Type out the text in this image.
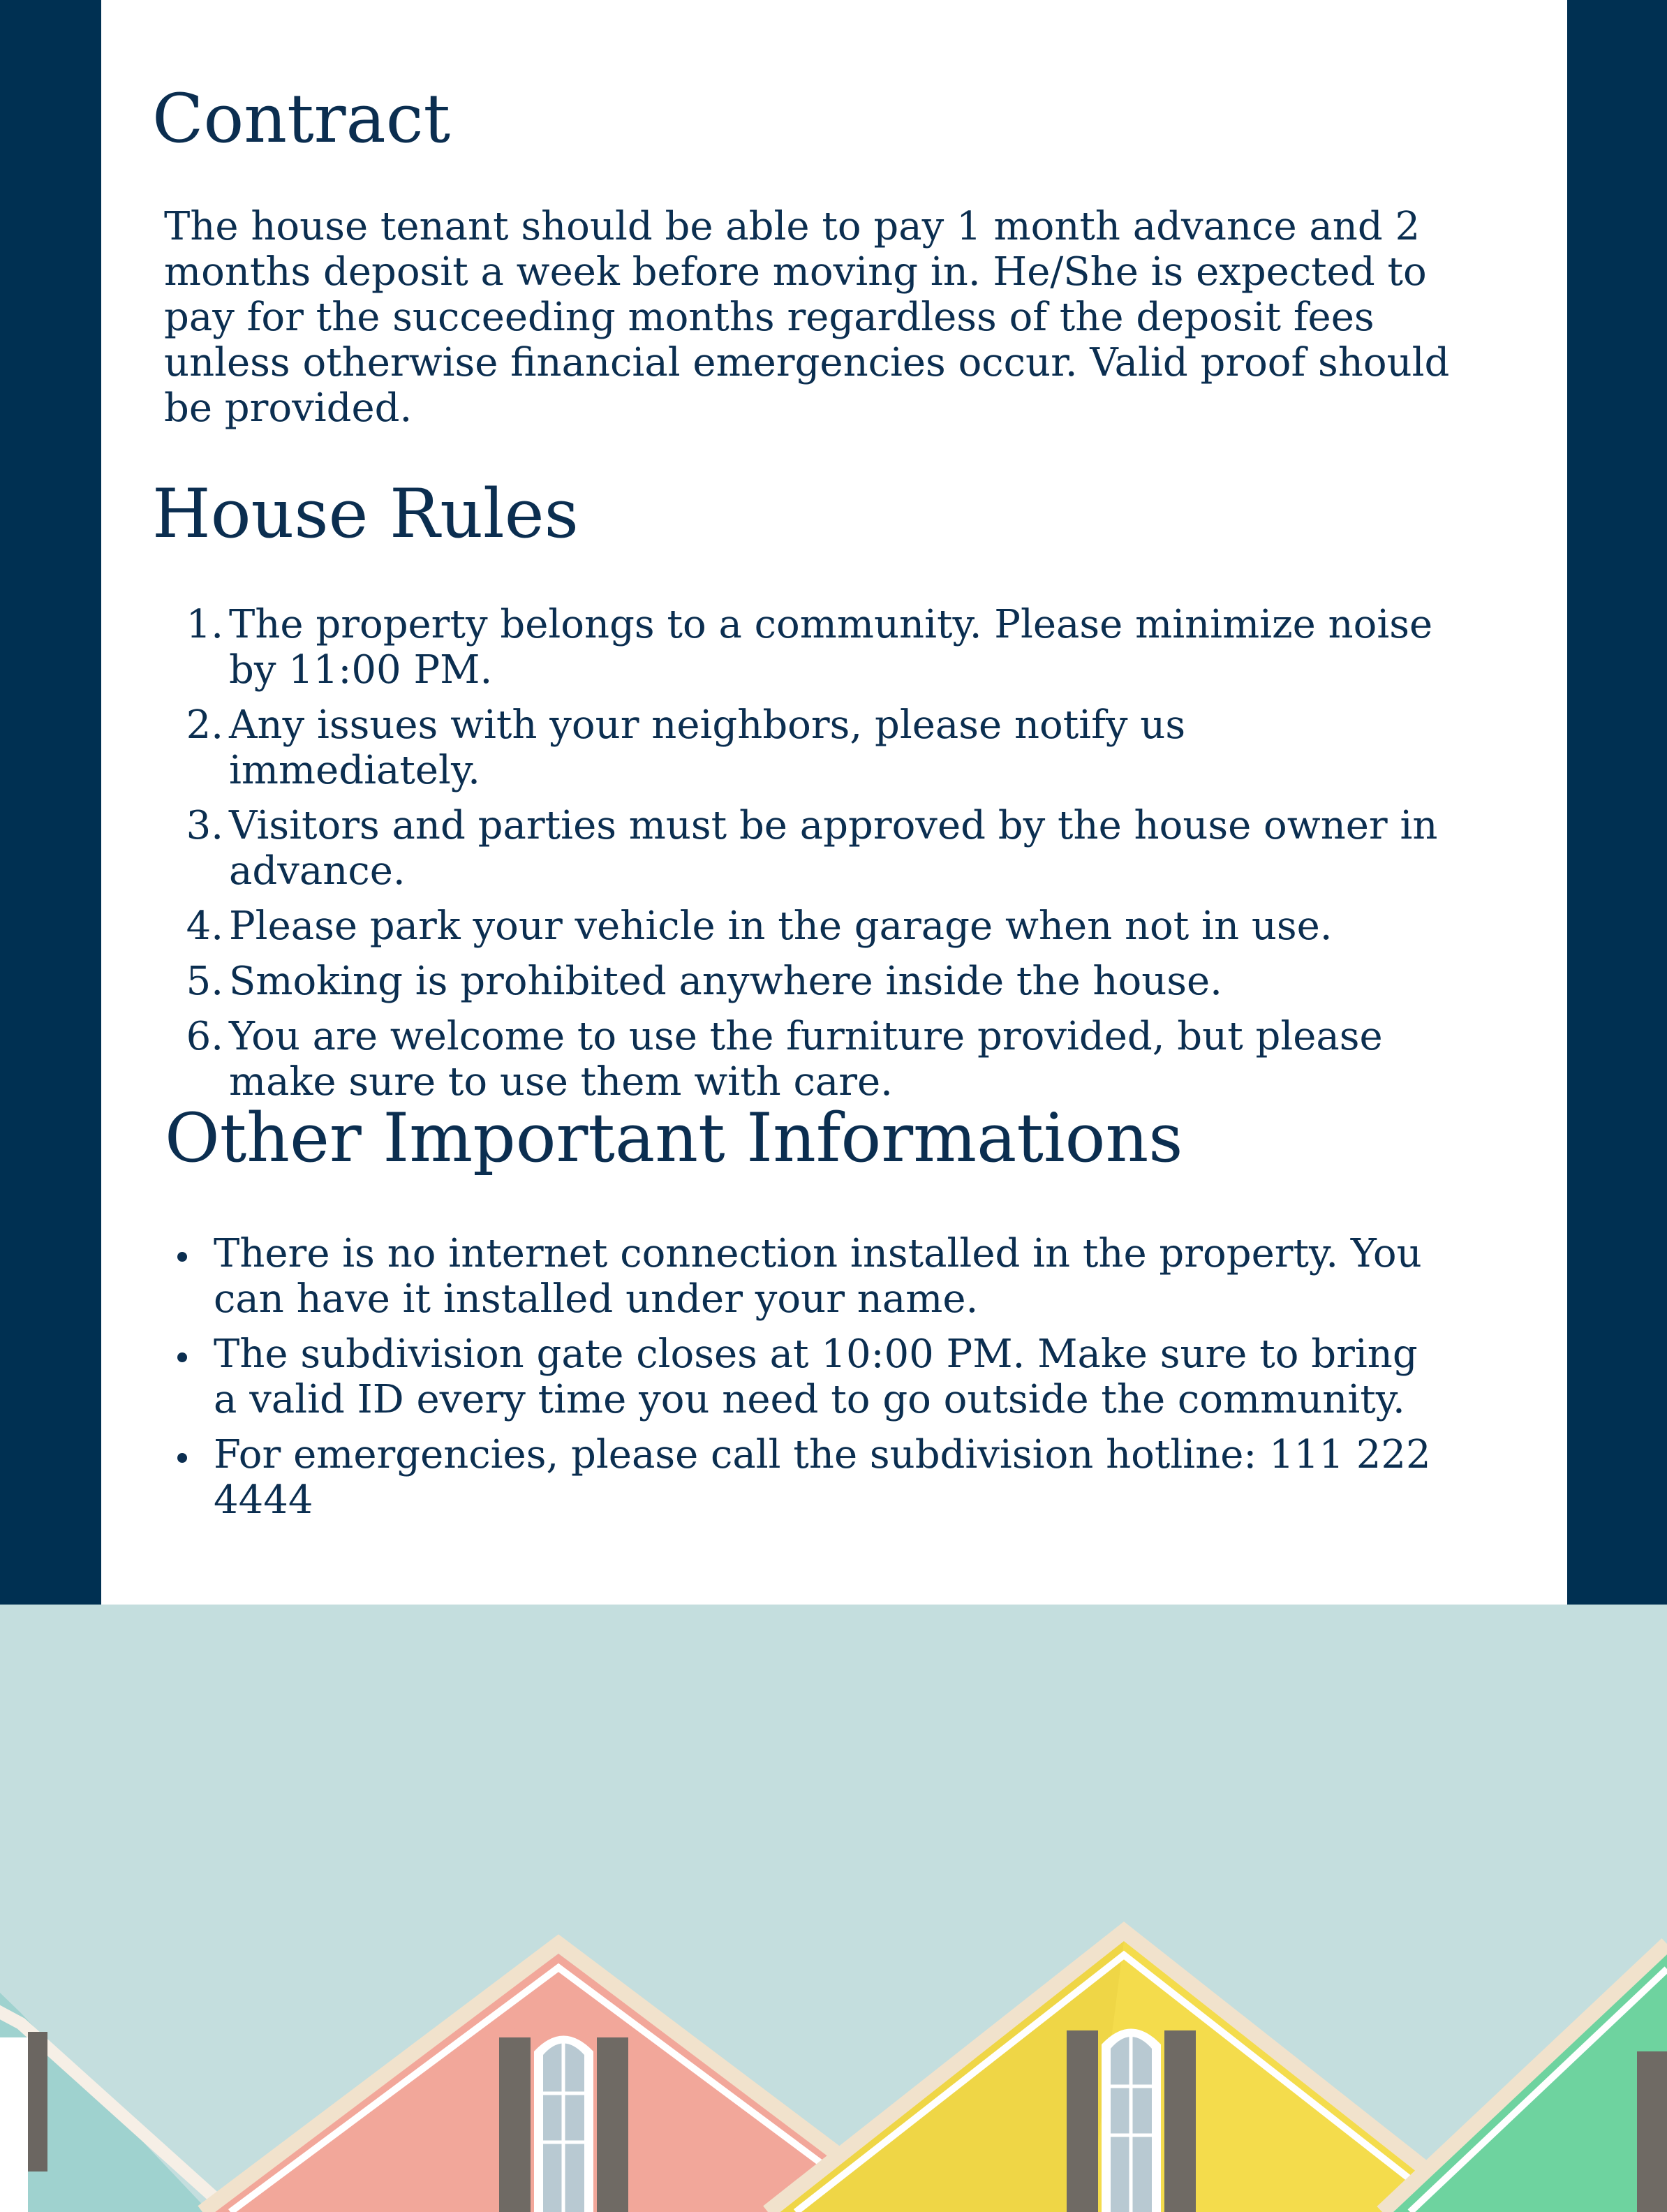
Contract

The house tenant should be able to pay 1 month advance and 2 months deposit a week before moving in. He/She is expected to pay for the succeeding months regardless of the deposit fees unless otherwise financial emergencies occur. Valid proof should be provided.

House Rules
1. The property belongs to a community. Please minimize noise by 11:00 PM.
2. Any issues with your neighbors, please notify us immediately.
3. Visitors and parties must be approved by the house owner in advance.
4. Please park your vehicle in the garage when not in use.
5. Smoking is prohibited anywhere inside the house.
6. You are welcome to use the furniture provided, but please make sure to use them with care.
Other Important Informations
There is no internet connection installed in the property. You can have it installed under your name.
The subdivision gate closes at 10:00 PM. Make sure to bring a valid ID every time you need to go outside the community.
For emergencies, please call the subdivision hotline: 111 222 4444
